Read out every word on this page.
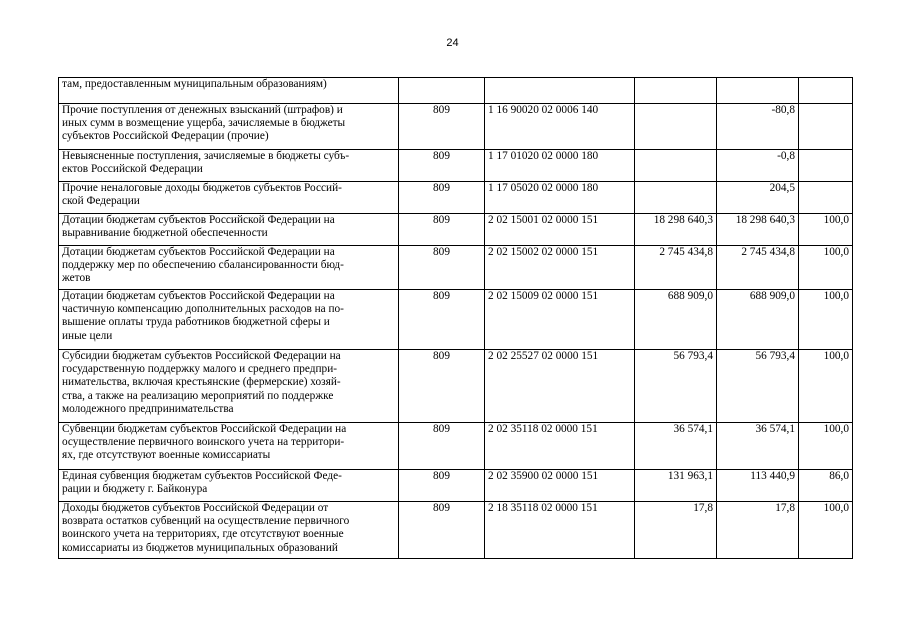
24
там, предоставленным муниципальным образованиям)					

Прочие поступления от денежных взысканий (штрафов) и
иных сумм в возмещение ущерба, зачисляемые в бюджеты
субъектов Российской Федерации (прочие)	809	1 16 90020 02 0006 140		-80,8	

Невыясненные поступления, зачисляемые в бюджеты субъ-
ектов Российской Федерации	809	1 17 01020 02 0000 180		-0,8	

Прочие неналоговые доходы бюджетов субъектов Россий-
ской Федерации	809	1 17 05020 02 0000 180		204,5	

Дотации бюджетам субъектов Российской Федерации на
выравнивание бюджетной обеспеченности	809	2 02 15001 02 0000 151	18 298 640,3	18 298 640,3	100,0

Дотации бюджетам субъектов Российской Федерации на
поддержку мер по обеспечению сбалансированности бюд-
жетов	809	2 02 15002 02 0000 151	2 745 434,8	2 745 434,8	100,0

Дотации бюджетам субъектов Российской Федерации на
частичную компенсацию дополнительных расходов на по-
вышение оплаты труда работников бюджетной сферы и
иные цели	809	2 02 15009 02 0000 151	688 909,0	688 909,0	100,0

Субсидии бюджетам субъектов Российской Федерации на
государственную поддержку малого и среднего предпри-
нимательства, включая крестьянские (фермерские) хозяй-
ства, а также на реализацию мероприятий по поддержке
молодежного предпринимательства	809	2 02 25527 02 0000 151	56 793,4	56 793,4	100,0

Субвенции бюджетам субъектов Российской Федерации на
осуществление первичного воинского учета на территори-
ях, где отсутствуют военные комиссариаты	809	2 02 35118 02 0000 151	36 574,1	36 574,1	100,0

Единая субвенция бюджетам субъектов Российской Феде-
рации и бюджету г. Байконура	809	2 02 35900 02 0000 151	131 963,1	113 440,9	86,0

Доходы бюджетов субъектов Российской Федерации от
возврата остатков субвенций на осуществление первичного
воинского учета на территориях, где отсутствуют военные
комиссариаты из бюджетов муниципальных образований	809	2 18 35118 02 0000 151	17,8	17,8	100,0
